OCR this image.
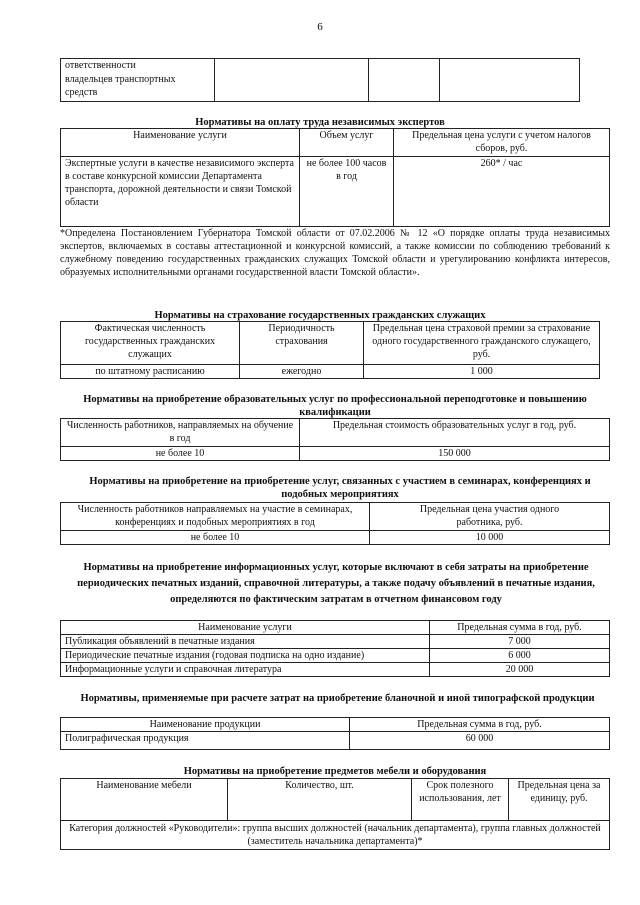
6
ответственности
владельцев транспортных
средств

Нормативы на оплату труда независимых экспертов
Наименование услуги	Объем услуг	Предельная цена услуги с учетом налогов сборов, руб.
Экспертные услуги в качестве независимого эксперта в составе конкурсной комиссии Департамента транспорта, дорожной деятельности и связи Томской области	не более 100 часов в год	260* / час
*Определена Постановлением Губернатора Томской области от 07.02.2006 № 12 «О порядке оплаты труда независимых экспертов, включаемых в составы аттестационной и конкурсной комиссий, а также комиссии по соблюдению требований к служебному поведению государственных гражданских служащих Томской области и урегулированию конфликта интересов, образуемых исполнительными органами государственной власти Томской области».
Нормативы на страхование государственных гражданских служащих
Фактическая численность государственных гражданских служащих	Периодичность страхования	Предельная цена страховой премии за страхование одного государственного гражданского служащего, руб.
по штатному расписанию	ежегодно	1 000
Нормативы на приобретение образовательных услуг по профессиональной переподготовке и повышению квалификации
Численность работников, направляемых на обучение в год	Предельная стоимость образовательных услуг в год, руб.
не более 10	150 000
Нормативы на приобретение на приобретение услуг, связанных с участием в семинарах, конференциях и подобных мероприятиях
Численность работников направляемых на участие в семинарах, конференциях и подобных мероприятиях в год	Предельная цена участия одного работника, руб.
не более 10	10 000
Нормативы на приобретение информационных услуг, которые включают в себя затраты на приобретение периодических печатных изданий, справочной литературы, а также подачу объявлений в печатные издания, определяются по фактическим затратам в отчетном финансовом году
Наименование услуги	Предельная сумма в год, руб.
Публикация объявлений в печатные издания	7 000
Периодические печатные издания (годовая подписка на одно издание)	6 000
Информационные услуги и справочная литература	20 000
Нормативы, применяемые при расчете затрат на приобретение бланочной и иной типографской продукции
Наименование продукции	Предельная сумма в год, руб.
Полиграфическая продукция	60 000
Нормативы на приобретение предметов мебели и оборудования
Наименование мебели	Количество, шт.	Срок полезного использования, лет	Предельная цена за единицу, руб.
Категория должностей «Руководители»: группа высших должностей (начальник департамента), группа главных должностей (заместитель начальника департамента)*
